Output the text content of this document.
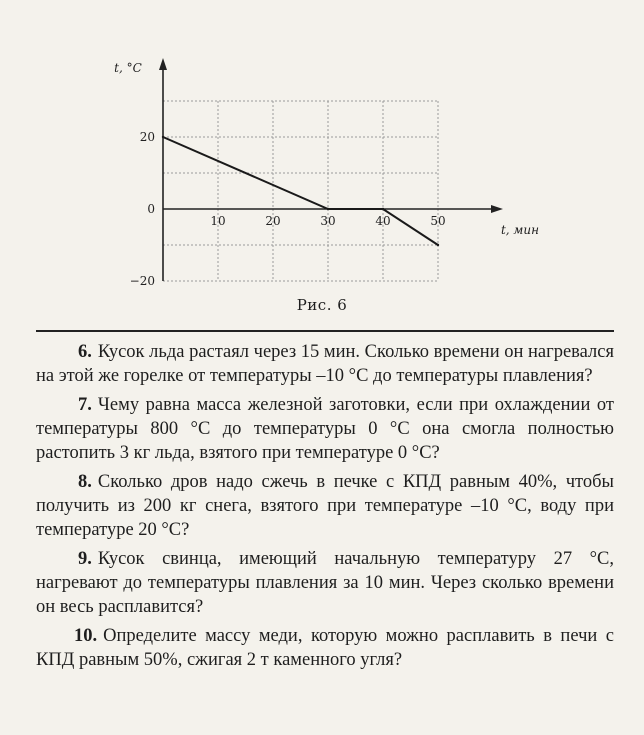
t, °C
t, мин
10	20	30	40	50
20
0
−20
Рис. 6

6. Кусок льда растаял через 15 мин. Сколько времени он нагревался на этой же горелке от температуры –10 °С до температуры плавления?

7. Чему равна масса железной заготовки, если при охлаждении от температуры 800 °С до температуры 0 °С она смогла полностью растопить 3 кг льда, взятого при температуре 0 °С?

8. Сколько дров надо сжечь в печке с КПД равным 40%, чтобы получить из 200 кг снега, взятого при температуре –10 °С, воду при температуре 20 °С?

9. Кусок свинца, имеющий начальную температуру 27 °С, нагревают до температуры плавления за 10 мин. Через сколько времени он весь расплавится?

10. Определите массу меди, которую можно расплавить в печи с КПД равным 50%, сжигая 2 т каменного угля?
